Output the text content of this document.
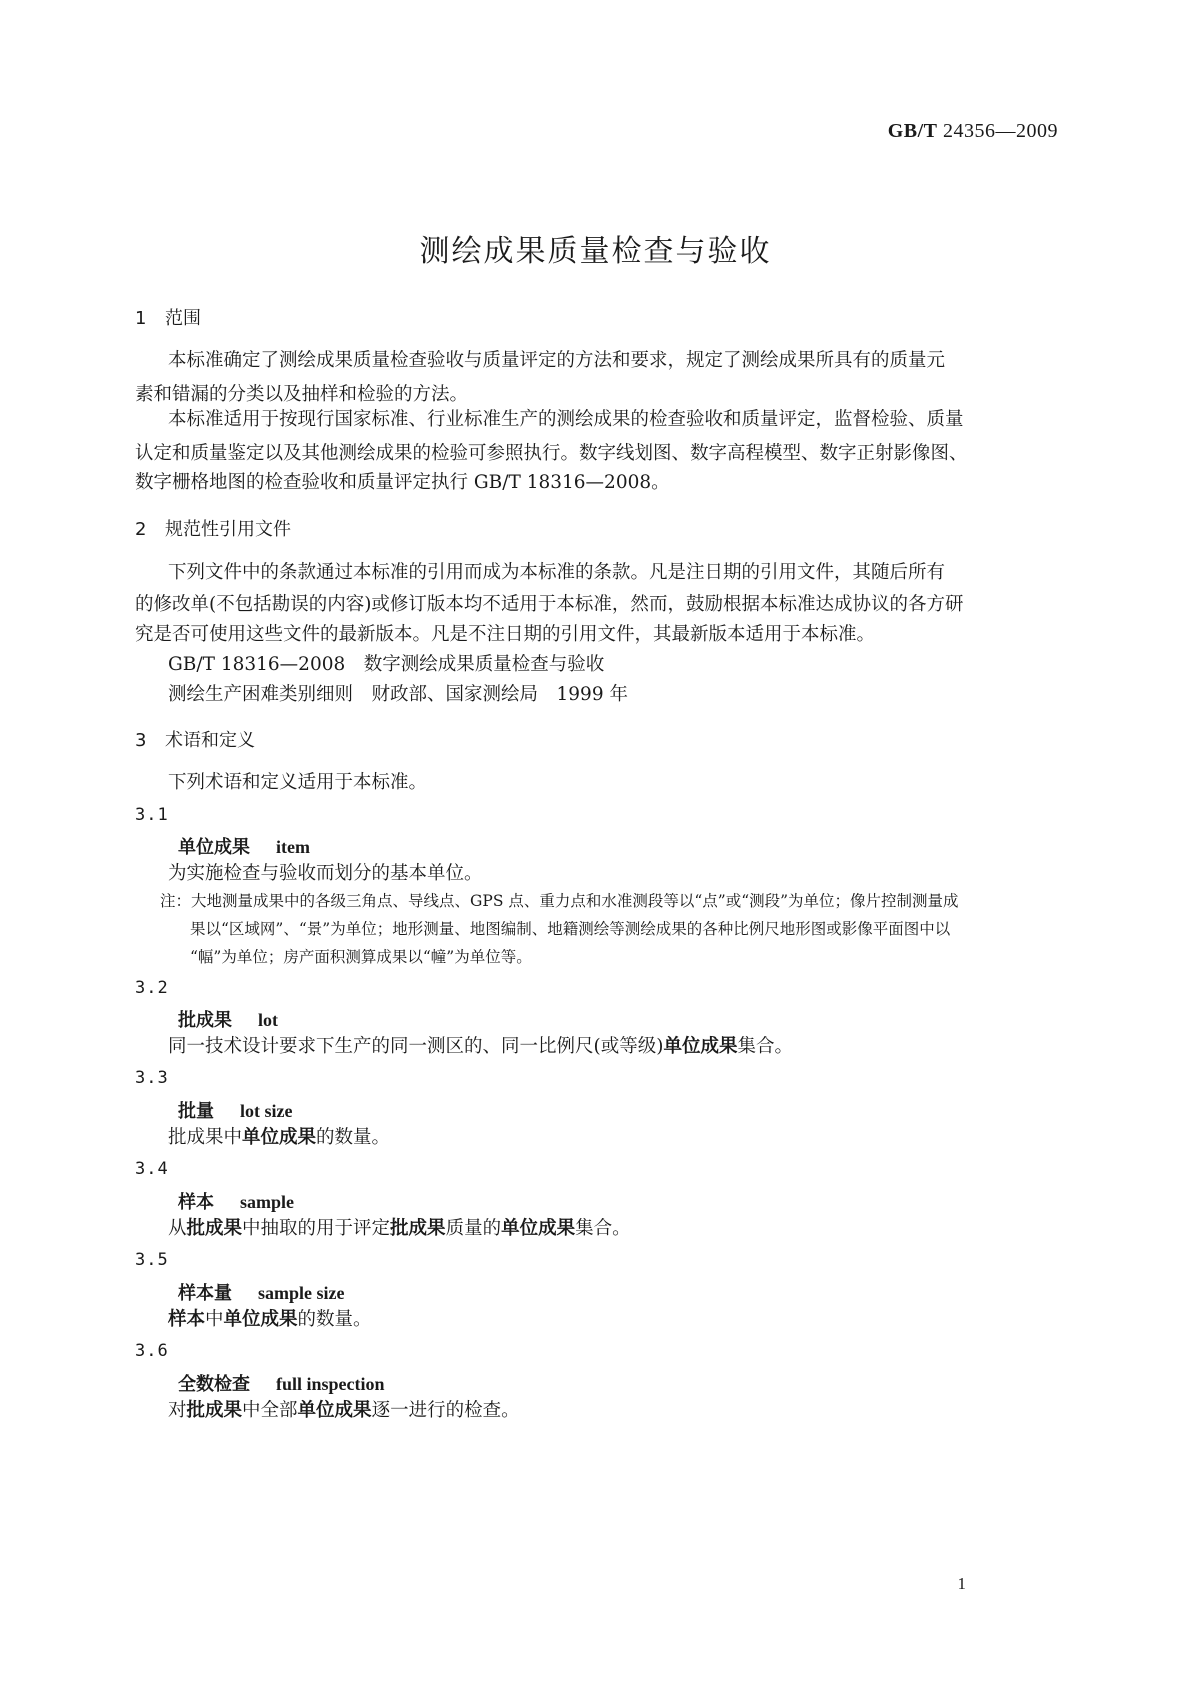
GB/T 24356—2009
测绘成果质量检查与验收
1 范围
本标准确定了测绘成果质量检查验收与质量评定的方法和要求，规定了测绘成果所具有的质量元
素和错漏的分类以及抽样和检验的方法。
本标准适用于按现行国家标准、行业标准生产的测绘成果的检查验收和质量评定，监督检验、质量
认定和质量鉴定以及其他测绘成果的检验可参照执行。数字线划图、数字高程模型、数字正射影像图、
数字栅格地图的检查验收和质量评定执行 GB/T 18316—2008。
2 规范性引用文件
下列文件中的条款通过本标准的引用而成为本标准的条款。凡是注日期的引用文件，其随后所有
的修改单(不包括勘误的内容)或修订版本均不适用于本标准，然而，鼓励根据本标准达成协议的各方研
究是否可使用这些文件的最新版本。凡是不注日期的引用文件，其最新版本适用于本标准。
GB/T 18316—2008　数字测绘成果质量检查与验收
测绘生产困难类别细则　财政部、国家测绘局　1999 年
3 术语和定义
下列术语和定义适用于本标准。
3.1
单位成果 item
为实施检查与验收而划分的基本单位。
注：大地测量成果中的各级三角点、导线点、GPS 点、重力点和水准测段等以“点”或“测段”为单位；像片控制测量成
果以“区域网”、“景”为单位；地形测量、地图编制、地籍测绘等测绘成果的各种比例尺地形图或影像平面图中以
“幅”为单位；房产面积测算成果以“幢”为单位等。
3.2
批成果 lot
同一技术设计要求下生产的同一测区的、同一比例尺(或等级)单位成果集合。
3.3
批量 lot size
批成果中单位成果的数量。
3.4
样本 sample
从批成果中抽取的用于评定批成果质量的单位成果集合。
3.5
样本量 sample size
样本中单位成果的数量。
3.6
全数检查 full inspection
对批成果中全部单位成果逐一进行的检查。
1
